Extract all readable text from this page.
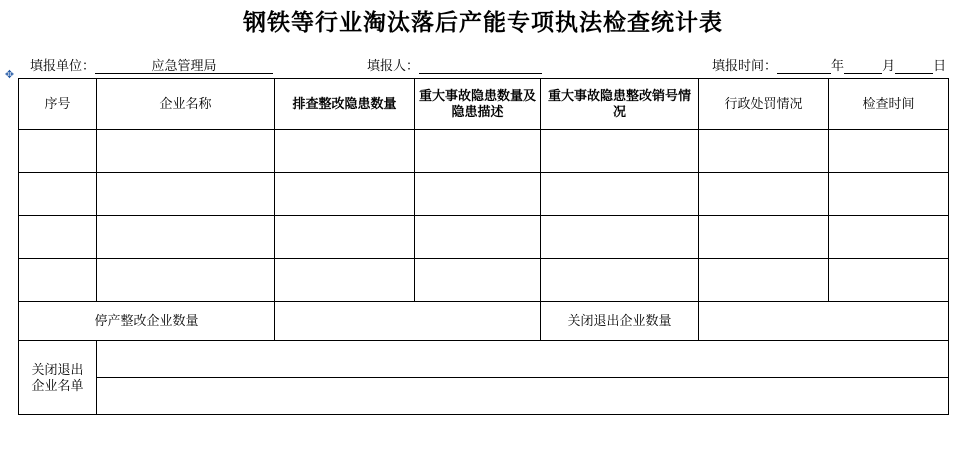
钢铁等行业淘汰落后产能专项执法检查统计表
✥
填报单位：	应急管理局	填报人：	填报时间：	年	月	日
序号	企业名称	排查整改隐患数量	重大事故隐患数量及隐患描述	重大事故隐患整改销号情况	行政处罚情况	检查时间

停产整改企业数量				关闭退出企业数量		

关闭退出
企业名单						
